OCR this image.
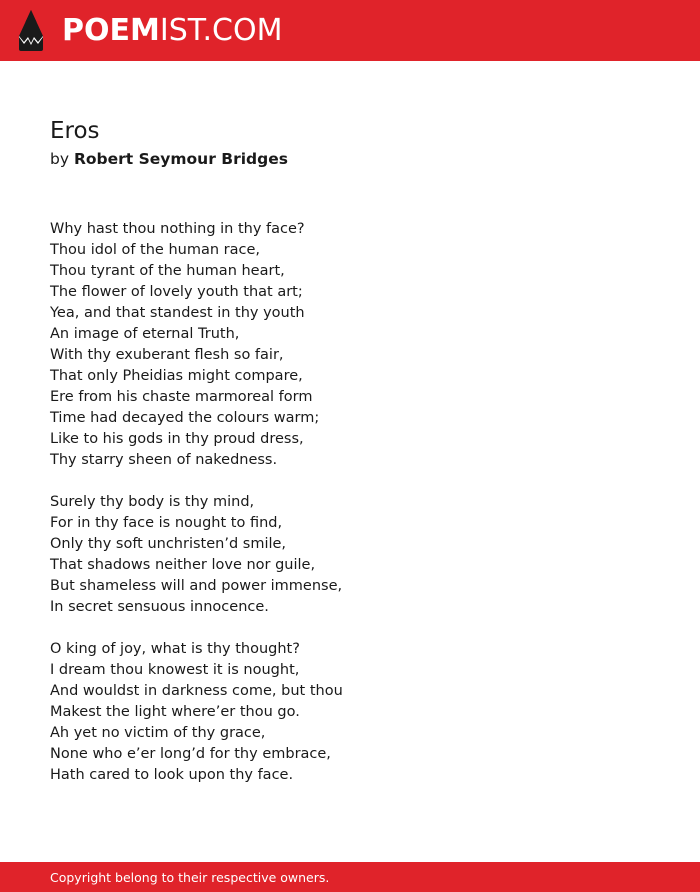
POEMIST.COM
Eros
by Robert Seymour Bridges
Why hast thou nothing in thy face?
Thou idol of the human race,
Thou tyrant of the human heart,
The flower of lovely youth that art;
Yea, and that standest in thy youth
An image of eternal Truth,
With thy exuberant flesh so fair,
That only Pheidias might compare,
Ere from his chaste marmoreal form
Time had decayed the colours warm;
Like to his gods in thy proud dress,
Thy starry sheen of nakedness.
Surely thy body is thy mind,
For in thy face is nought to find,
Only thy soft unchristen’d smile,
That shadows neither love nor guile,
But shameless will and power immense,
In secret sensuous innocence.
O king of joy, what is thy thought?
I dream thou knowest it is nought,
And wouldst in darkness come, but thou
Makest the light where’er thou go.
Ah yet no victim of thy grace,
None who e’er long’d for thy embrace,
Hath cared to look upon thy face.
Copyright belong to their respective owners.
